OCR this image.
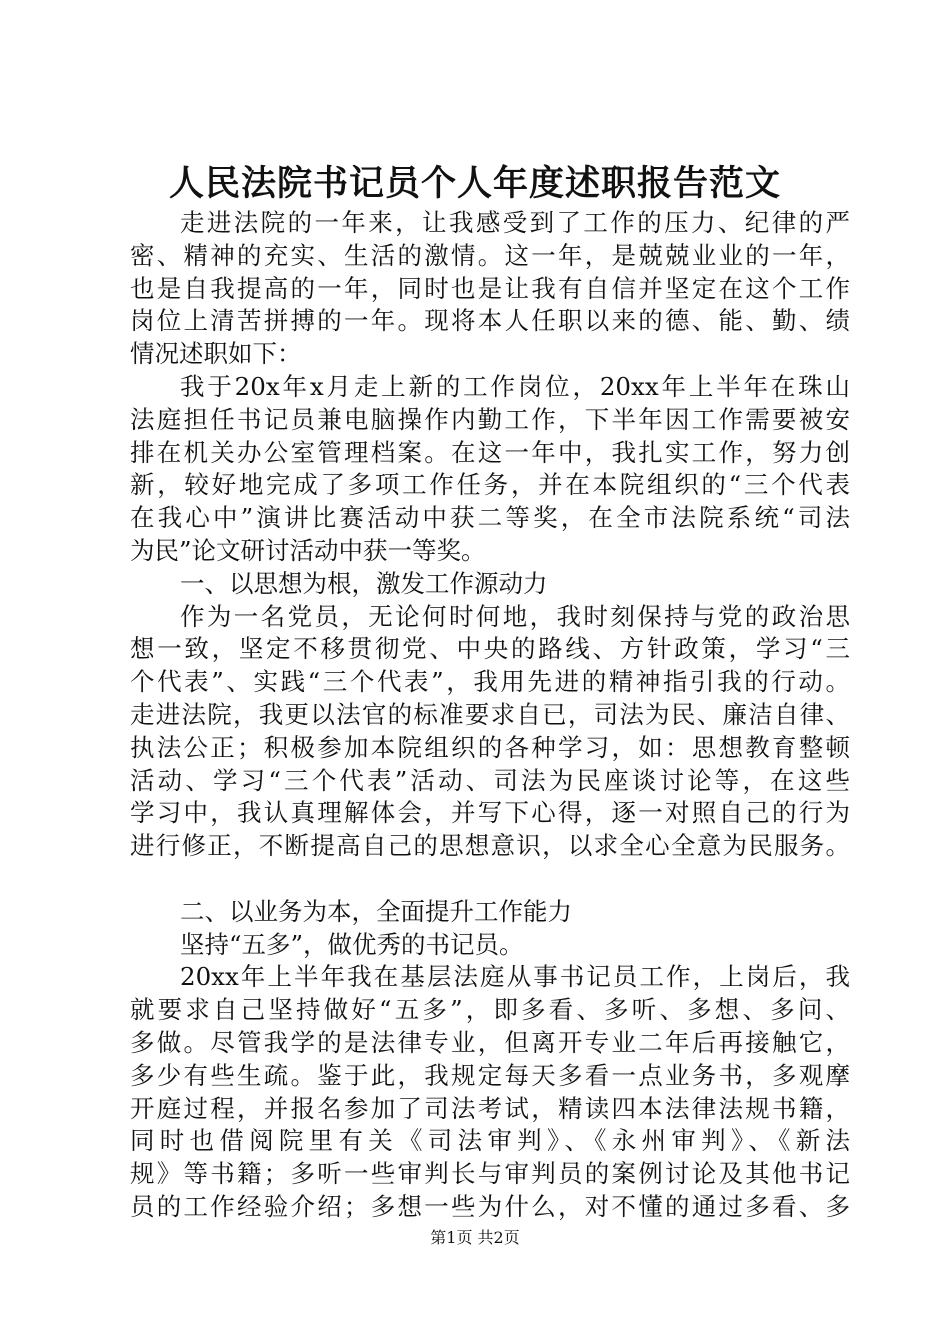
人民法院书记员个人年度述职报告范文
走进法院的一年来，让我感受到了工作的压力、纪律的严
密、精神的充实、生活的激情。这一年，是兢兢业业的一年，
也是自我提高的一年，同时也是让我有自信并坚定在这个工作
岗位上清苦拼搏的一年。现将本人任职以来的德、能、勤、绩
情况述职如下：
我于20x年x月走上新的工作岗位，20xx年上半年在珠山
法庭担任书记员兼电脑操作内勤工作，下半年因工作需要被安
排在机关办公室管理档案。在这一年中，我扎实工作，努力创
新，较好地完成了多项工作任务，并在本院组织的“三个代表
在我心中”演讲比赛活动中获二等奖，在全市法院系统“司法
为民”论文研讨活动中获一等奖。
一、以思想为根，激发工作源动力
作为一名党员，无论何时何地，我时刻保持与党的政治思
想一致，坚定不移贯彻党、中央的路线、方针政策，学习“三
个代表”、实践“三个代表”，我用先进的精神指引我的行动。
走进法院，我更以法官的标准要求自已，司法为民、廉洁自律、
执法公正；积极参加本院组织的各种学习，如：思想教育整顿
活动、学习“三个代表”活动、司法为民座谈讨论等，在这些
学习中，我认真理解体会，并写下心得，逐一对照自己的行为
进行修正，不断提高自己的思想意识，以求全心全意为民服务。
二、以业务为本，全面提升工作能力
坚持“五多”，做优秀的书记员。
20xx年上半年我在基层法庭从事书记员工作，上岗后，我
就要求自己坚持做好“五多”，即多看、多听、多想、多问、
多做。尽管我学的是法律专业，但离开专业二年后再接触它，
多少有些生疏。鉴于此，我规定每天多看一点业务书，多观摩
开庭过程，并报名参加了司法考试，精读四本法律法规书籍，
同时也借阅院里有关《司法审判》、《永州审判》、《新法
规》等书籍；多听一些审判长与审判员的案例讨论及其他书记
员的工作经验介绍；多想一些为什么，对不懂的通过多看、多
第1页 共2页
